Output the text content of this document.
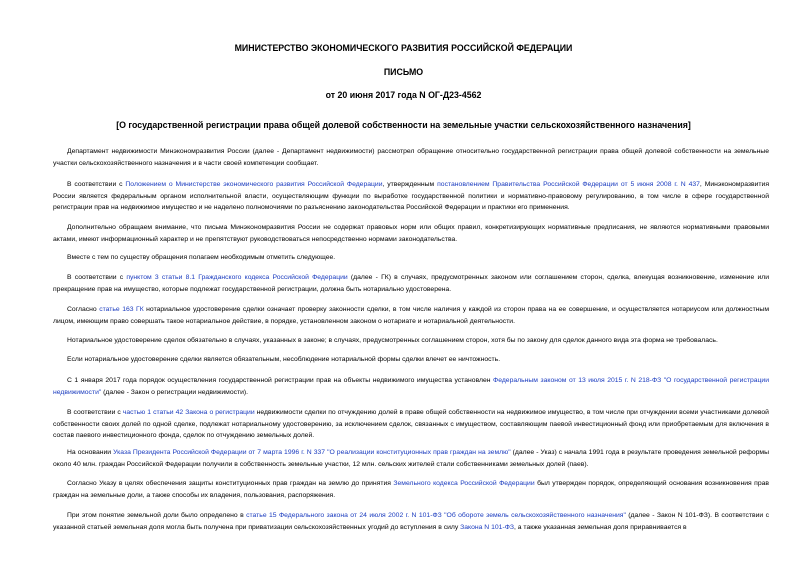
МИНИСТЕРСТВО ЭКОНОМИЧЕСКОГО РАЗВИТИЯ РОССИЙСКОЙ ФЕДЕРАЦИИ
ПИСЬМО
от 20 июня 2017 года N ОГ-Д23-4562
[О государственной регистрации права общей долевой собственности на земельные участки сельскохозяйственного назначения]
Департамент недвижимости Минэкономразвития России (далее - Департамент недвижимости) рассмотрел обращение относительно государственной регистрации права общей долевой собственности на земельные участки сельскохозяйственного назначения и в части своей компетенции сообщает.
В соответствии с Положением о Министерстве экономического развития Российской Федерации, утвержденным постановлением Правительства Российской Федерации от 5 июня 2008 г. N 437, Минэкономразвития России является федеральным органом исполнительной власти, осуществляющим функции по выработке государственной политики и нормативно-правовому регулированию, в том числе в сфере государственной регистрации прав на недвижимое имущество и не наделено полномочиями по разъяснению законодательства Российской Федерации и практики его применения.
Дополнительно обращаем внимание, что письма Минэкономразвития России не содержат правовых норм или общих правил, конкретизирующих нормативные предписания, не являются нормативными правовыми актами, имеют информационный характер и не препятствуют руководствоваться непосредственно нормами законодательства.
Вместе с тем по существу обращения полагаем необходимым отметить следующее.
В соответствии с пунктом 3 статьи 8.1 Гражданского кодекса Российской Федерации (далее - ГК) в случаях, предусмотренных законом или соглашением сторон, сделка, влекущая возникновение, изменение или прекращение прав на имущество, которые подлежат государственной регистрации, должна быть нотариально удостоверена.
Согласно статье 163 ГК нотариальное удостоверение сделки означает проверку законности сделки, в том числе наличия у каждой из сторон права на ее совершение, и осуществляется нотариусом или должностным лицом, имеющим право совершать такое нотариальное действие, в порядке, установленном законом о нотариате и нотариальной деятельности.
Нотариальное удостоверение сделок обязательно в случаях, указанных в законе; в случаях, предусмотренных соглашением сторон, хотя бы по закону для сделок данного вида эта форма не требовалась.
Если нотариальное удостоверение сделки является обязательным, несоблюдение нотариальной формы сделки влечет ее ничтожность.
С 1 января 2017 года порядок осуществления государственной регистрации прав на объекты недвижимого имущества установлен Федеральным законом от 13 июля 2015 г. N 218-ФЗ "О государственной регистрации недвижимости" (далее - Закон о регистрации недвижимости).
В соответствии с частью 1 статьи 42 Закона о регистрации недвижимости сделки по отчуждению долей в праве общей собственности на недвижимое имущество, в том числе при отчуждении всеми участниками долевой собственности своих долей по одной сделке, подлежат нотариальному удостоверению, за исключением сделок, связанных с имуществом, составляющим паевой инвестиционный фонд или приобретаемым для включения в состав паевого инвестиционного фонда, сделок по отчуждению земельных долей.
На основании Указа Президента Российской Федерации от 7 марта 1996 г. N 337 "О реализации конституционных прав граждан на землю" (далее - Указ) с начала 1991 года в результате проведения земельной реформы около 40 млн. граждан Российской Федерации получили в собственность земельные участки, 12 млн. сельских жителей стали собственниками земельных долей (паев).
Согласно Указу в целях обеспечения защиты конституционных прав граждан на землю до принятия Земельного кодекса Российской Федерации был утвержден порядок, определяющий основания возникновения прав граждан на земельные доли, а также способы их владения, пользования, распоряжения.
При этом понятие земельной доли было определено в статье 15 Федерального закона от 24 июля 2002 г. N 101-ФЗ "Об обороте земель сельскохозяйственного назначения" (далее - Закон N 101-ФЗ). В соответствии с указанной статьей земельная доля могла быть получена при приватизации сельскохозяйственных угодий до вступления в силу Закона N 101-ФЗ, а также указанная земельная доля приравнивается в
